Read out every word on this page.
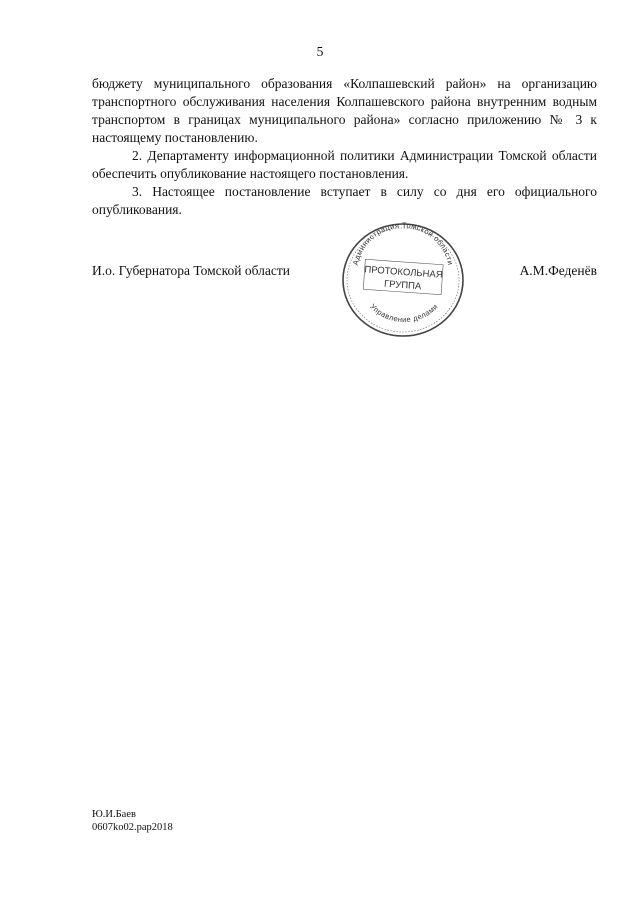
5

бюджету муниципального образования «Колпашевский район» на организацию транспортного обслуживания населения Колпашевского района внутренним водным транспортом в границах муниципального района» согласно приложению № 3 к настоящему постановлению.

2. Департаменту информационной политики Администрации Томской области обеспечить опубликование настоящего постановления.

3. Настоящее постановление вступает в силу со дня его официального опубликования.

И.о. Губернатора Томской области	А.М.Феденёв
Администрация Томской области
Управление делами
ПРОТОКОЛЬНАЯ
ГРУППА
Ю.И.Баев
0607ko02.pap2018
